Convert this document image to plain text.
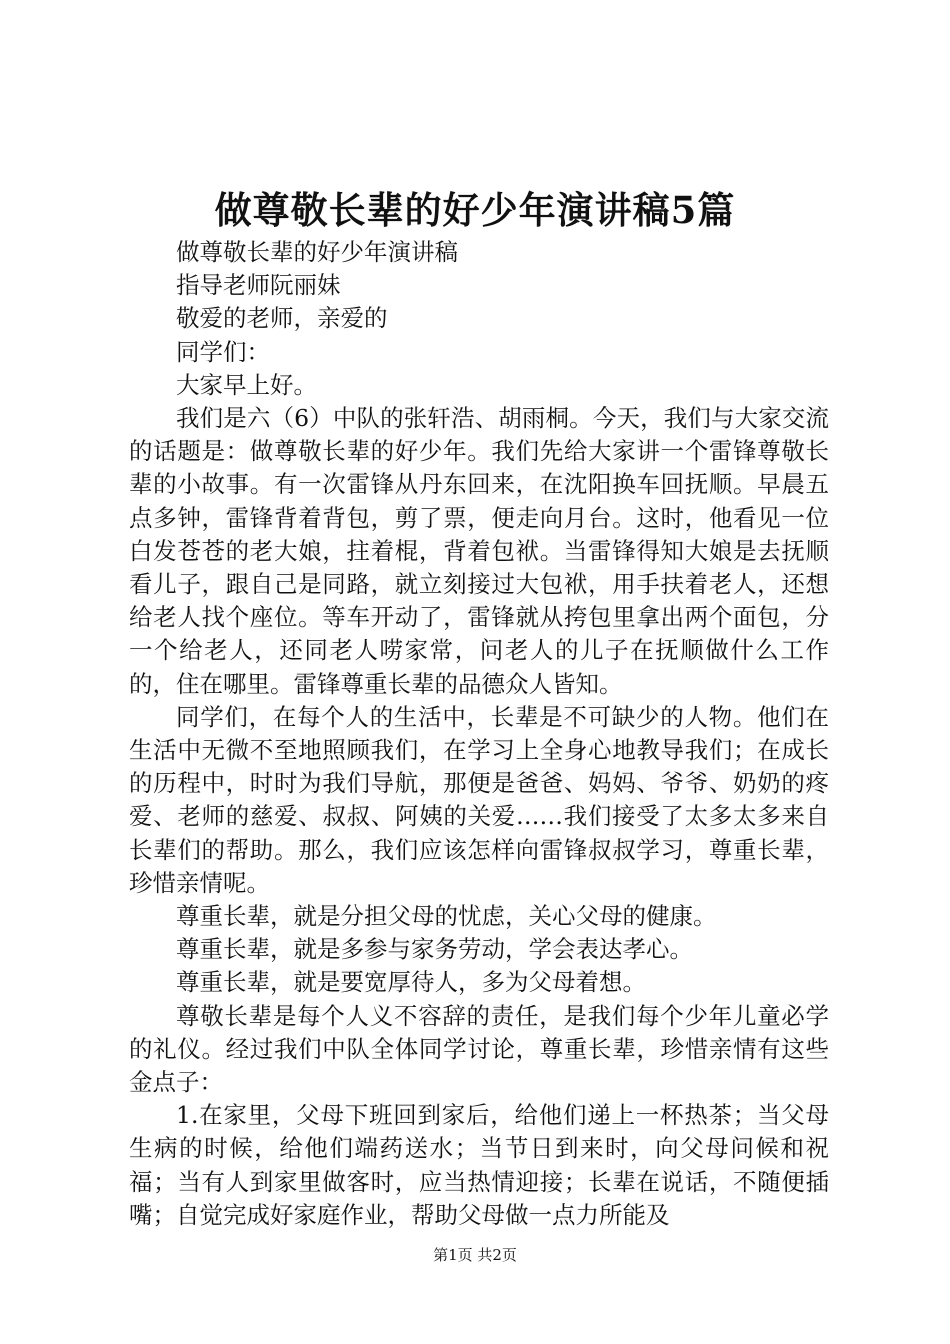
做尊敬长辈的好少年演讲稿5篇

做尊敬长辈的好少年演讲稿

指导老师阮丽妹

敬爱的老师，亲爱的

同学们：

大家早上好。

我们是六（6）中队的张轩浩、胡雨桐。今天，我们与大家交流的话题是：做尊敬长辈的好少年。我们先给大家讲一个雷锋尊敬长辈的小故事。有一次雷锋从丹东回来，在沈阳换车回抚顺。早晨五点多钟，雷锋背着背包，剪了票，便走向月台。这时，他看见一位白发苍苍的老大娘，拄着棍，背着包袱。当雷锋得知大娘是去抚顺看儿子，跟自己是同路，就立刻接过大包袱，用手扶着老人，还想给老人找个座位。等车开动了，雷锋就从挎包里拿出两个面包，分一个给老人，还同老人唠家常，问老人的儿子在抚顺做什么工作的，住在哪里。雷锋尊重长辈的品德众人皆知。

同学们，在每个人的生活中，长辈是不可缺少的人物。他们在生活中无微不至地照顾我们，在学习上全身心地教导我们；在成长的历程中，时时为我们导航，那便是爸爸、妈妈、爷爷、奶奶的疼爱、老师的慈爱、叔叔、阿姨的关爱……我们接受了太多太多来自长辈们的帮助。那么，我们应该怎样向雷锋叔叔学习，尊重长辈，珍惜亲情呢。

尊重长辈，就是分担父母的忧虑，关心父母的健康。

尊重长辈，就是多参与家务劳动，学会表达孝心。

尊重长辈，就是要宽厚待人，多为父母着想。

尊敬长辈是每个人义不容辞的责任，是我们每个少年儿童必学的礼仪。经过我们中队全体同学讨论，尊重长辈，珍惜亲情有这些金点子：

1.在家里，父母下班回到家后，给他们递上一杯热茶；当父母生病的时候，给他们端药送水；当节日到来时，向父母问候和祝福；当有人到家里做客时，应当热情迎接；长辈在说话，不随便插嘴；自觉完成好家庭作业，帮助父母做一点力所能及

第1页 共2页
